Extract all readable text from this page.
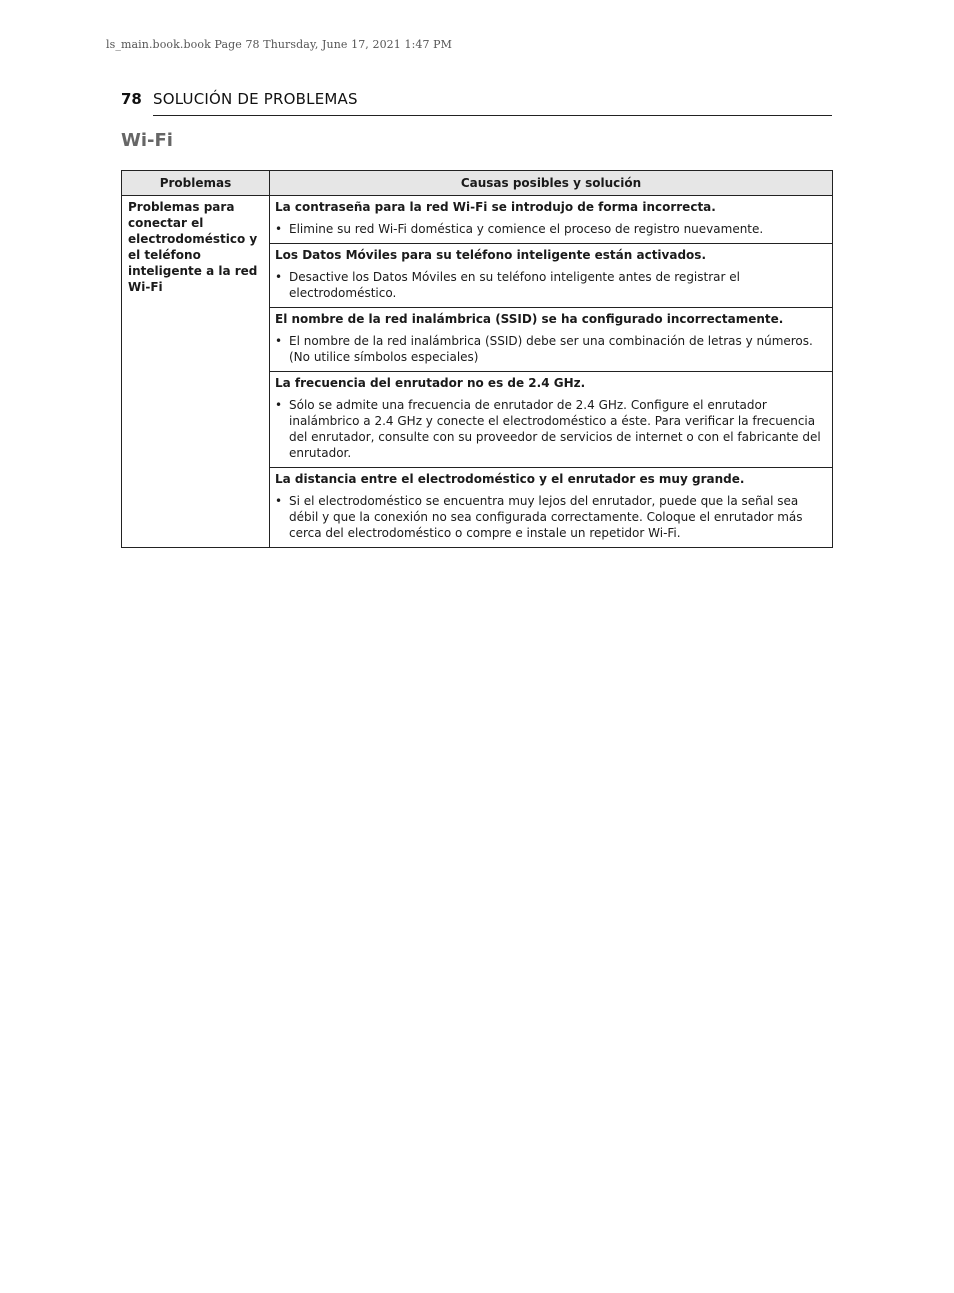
ls_main.book.book Page 78 Thursday, June 17, 2021 1:47 PM
78 SOLUCIÓN DE PROBLEMAS
Wi-Fi
Problemas	Causas posibles y solución

Problemas para conectar el electrodoméstico y el teléfono inteligente a la red Wi-Fi	La contraseña para la red Wi-Fi se introdujo de forma incorrecta.
• Elimine su red Wi-Fi doméstica y comience el proceso de registro nuevamente.

	Los Datos Móviles para su teléfono inteligente están activados.
• Desactive los Datos Móviles en su teléfono inteligente antes de registrar el electrodoméstico.

	El nombre de la red inalámbrica (SSID) se ha configurado incorrectamente.
• El nombre de la red inalámbrica (SSID) debe ser una combinación de letras y números. (No utilice símbolos especiales)

	La frecuencia del enrutador no es de 2.4 GHz.
• Sólo se admite una frecuencia de enrutador de 2.4 GHz. Configure el enrutador inalámbrico a 2.4 GHz y conecte el electrodoméstico a éste. Para verificar la frecuencia del enrutador, consulte con su proveedor de servicios de internet o con el fabricante del enrutador.

	La distancia entre el electrodoméstico y el enrutador es muy grande.
• Si el electrodoméstico se encuentra muy lejos del enrutador, puede que la señal sea débil y que la conexión no sea configurada correctamente. Coloque el enrutador más cerca del electrodoméstico o compre e instale un repetidor Wi-Fi.
